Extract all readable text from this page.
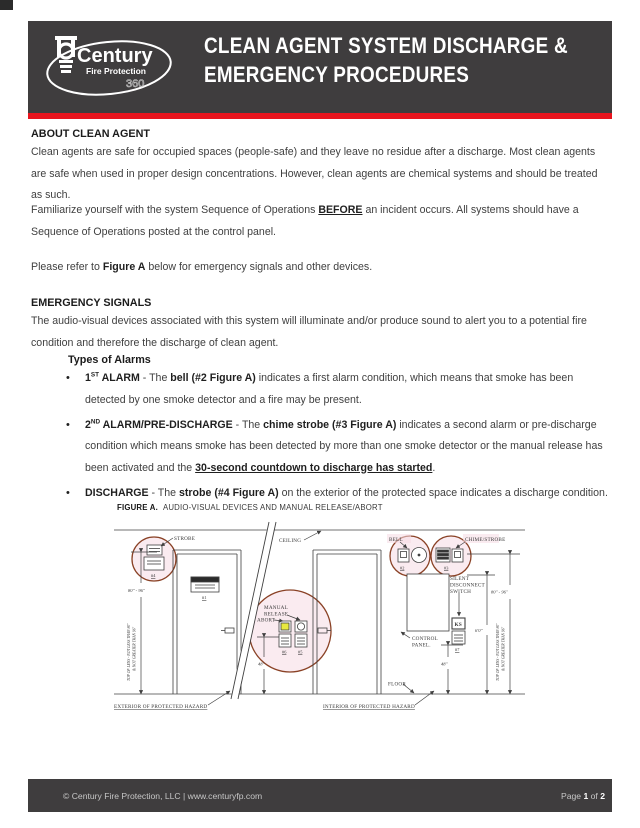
Century
Fire Protection
360
CLEAN AGENT SYSTEM DISCHARGE &
EMERGENCY PROCEDURES
ABOUT CLEAN AGENT
Clean agents are safe for occupied spaces (people-safe) and they leave no residue after a discharge. Most clean agents are safe when used in proper design concentrations. However, clean agents are chemical systems and should be treated as such.
Familiarize yourself with the system Sequence of Operations BEFORE an incident occurs. All systems should have a Sequence of Operations posted at the control panel.
Please refer to Figure A below for emergency signals and other devices.
EMERGENCY SIGNALS
The audio-visual devices associated with this system will illuminate and/or produce sound to alert you to a potential fire condition and therefore the discharge of clean agent.
Types of Alarms
• 1ST ALARM - The bell (#2 Figure A) indicates a first alarm condition, which means that smoke has been detected by one smoke detector and a fire may be present.
• 2ND ALARM/PRE-DISCHARGE - The chime strobe (#3 Figure A) indicates a second alarm or pre-discharge condition which means smoke has been detected by more than one smoke detector or the manual release has been activated and the 30-second countdown to discharge has started.
• DISCHARGE - The strobe (#4 Figure A) on the exterior of the protected space indicates a discharge condition.
FIGURE A. AUDIO-VISUAL DEVICES AND MANUAL RELEASE/ABORT
KS
STROBE	CEILING	BELL	CHIME/STROBE
SILENT
DISCONNECT
SWITCH
MANUAL
RELEASE
ABORT
CONTROL
PANEL.
FLOOR
EXTERIOR OF PROTECTED HAZARD	INTERIOR OF PROTECTED HAZARD
#4
#1
#6	#5
#2	#3
#7
80" - 96"
48"	48"
6'0"
80" - 96"
TOP OF LENS - NOT LESS THAN 80" & NOT GREATER THAN 96"	TOP OF LENS - NOT LESS THAN 80" & NOT GREATER THAN 96"
© Century Fire Protection, LLC | www.centuryfp.com	Page 1 of 2
